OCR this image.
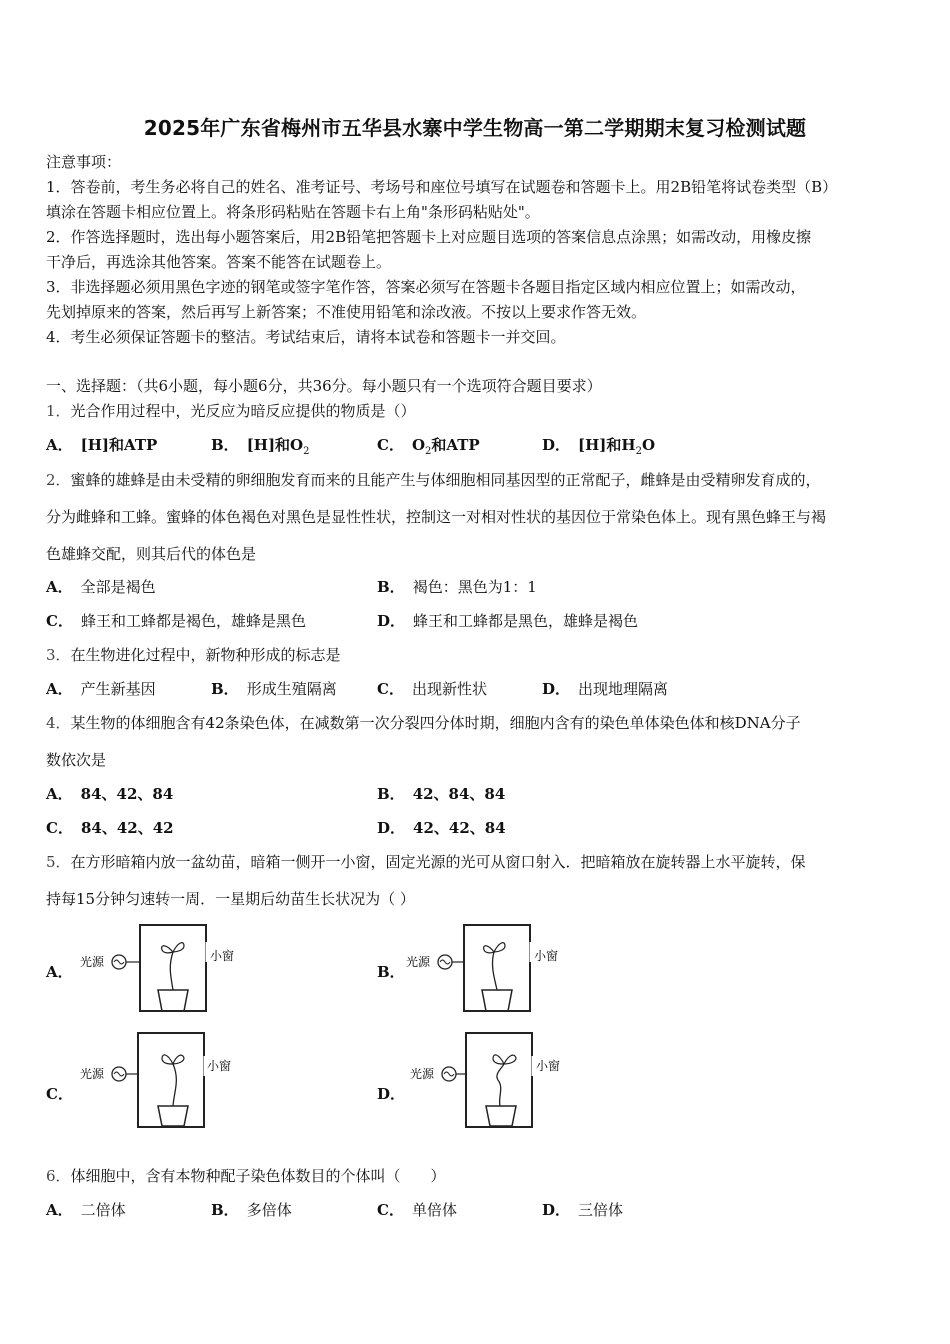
2025年广东省梅州市五华县水寨中学生物高一第二学期期末复习检测试题
注意事项：
1．答卷前，考生务必将自己的姓名、准考证号、考场号和座位号填写在试题卷和答题卡上。用2B铅笔将试卷类型（B）
填涂在答题卡相应位置上。将条形码粘贴在答题卡右上角"条形码粘贴处"。
2．作答选择题时，选出每小题答案后，用2B铅笔把答题卡上对应题目选项的答案信息点涂黑；如需改动，用橡皮擦
干净后，再选涂其他答案。答案不能答在试题卷上。
3．非选择题必须用黑色字迹的钢笔或签字笔作答，答案必须写在答题卡各题目指定区域内相应位置上；如需改动，
先划掉原来的答案，然后再写上新答案；不准使用铅笔和涂改液。不按以上要求作答无效。
4．考生必须保证答题卡的整洁。考试结束后，请将本试卷和答题卡一并交回。
一、选择题：（共6小题，每小题6分，共36分。每小题只有一个选项符合题目要求）
1．光合作用过程中，光反应为暗反应提供的物质是（）
A． [H]和ATP	B． [H]和$O_2$	C． $O_2$和ATP	D． [H]和$H_2O$
2．蜜蜂的雄蜂是由未受精的卵细胞发育而来的且能产生与体细胞相同基因型的正常配子，雌蜂是由受精卵发育成的，
分为雌蜂和工蜂。蜜蜂的体色褐色对黑色是显性性状，控制这一对相对性状的基因位于常染色体上。现有黑色蜂王与褐
色雄蜂交配，则其后代的体色是
A． 全部是褐色	B． 褐色：黑色为1：1
C． 蜂王和工蜂都是褐色，雄蜂是黑色	D． 蜂王和工蜂都是黑色，雄蜂是褐色
3．在生物进化过程中，新物种形成的标志是
A． 产生新基因	B． 形成生殖隔离	C． 出现新性状	D． 出现地理隔离
4．某生物的体细胞含有42条染色体，在减数第一次分裂四分体时期，细胞内含有的染色单体染色体和核DNA分子
数依次是
A． 84、42、84	B． 42、84、84
C． 84、42、42	D． 42、42、84
5．在方形暗箱内放一盆幼苗，暗箱一侧开一小窗，固定光源的光可从窗口射入．把暗箱放在旋转器上水平旋转，保
持每15分钟匀速转一周．一星期后幼苗生长状况为（ ）
A．	B．
C．	D．
光源	小窗	光源	小窗
光源
小窗
光源
小窗
6．体细胞中，含有本物种配子染色体数目的个体叫（　　）
A． 二倍体	B． 多倍体	C． 单倍体	D． 三倍体
